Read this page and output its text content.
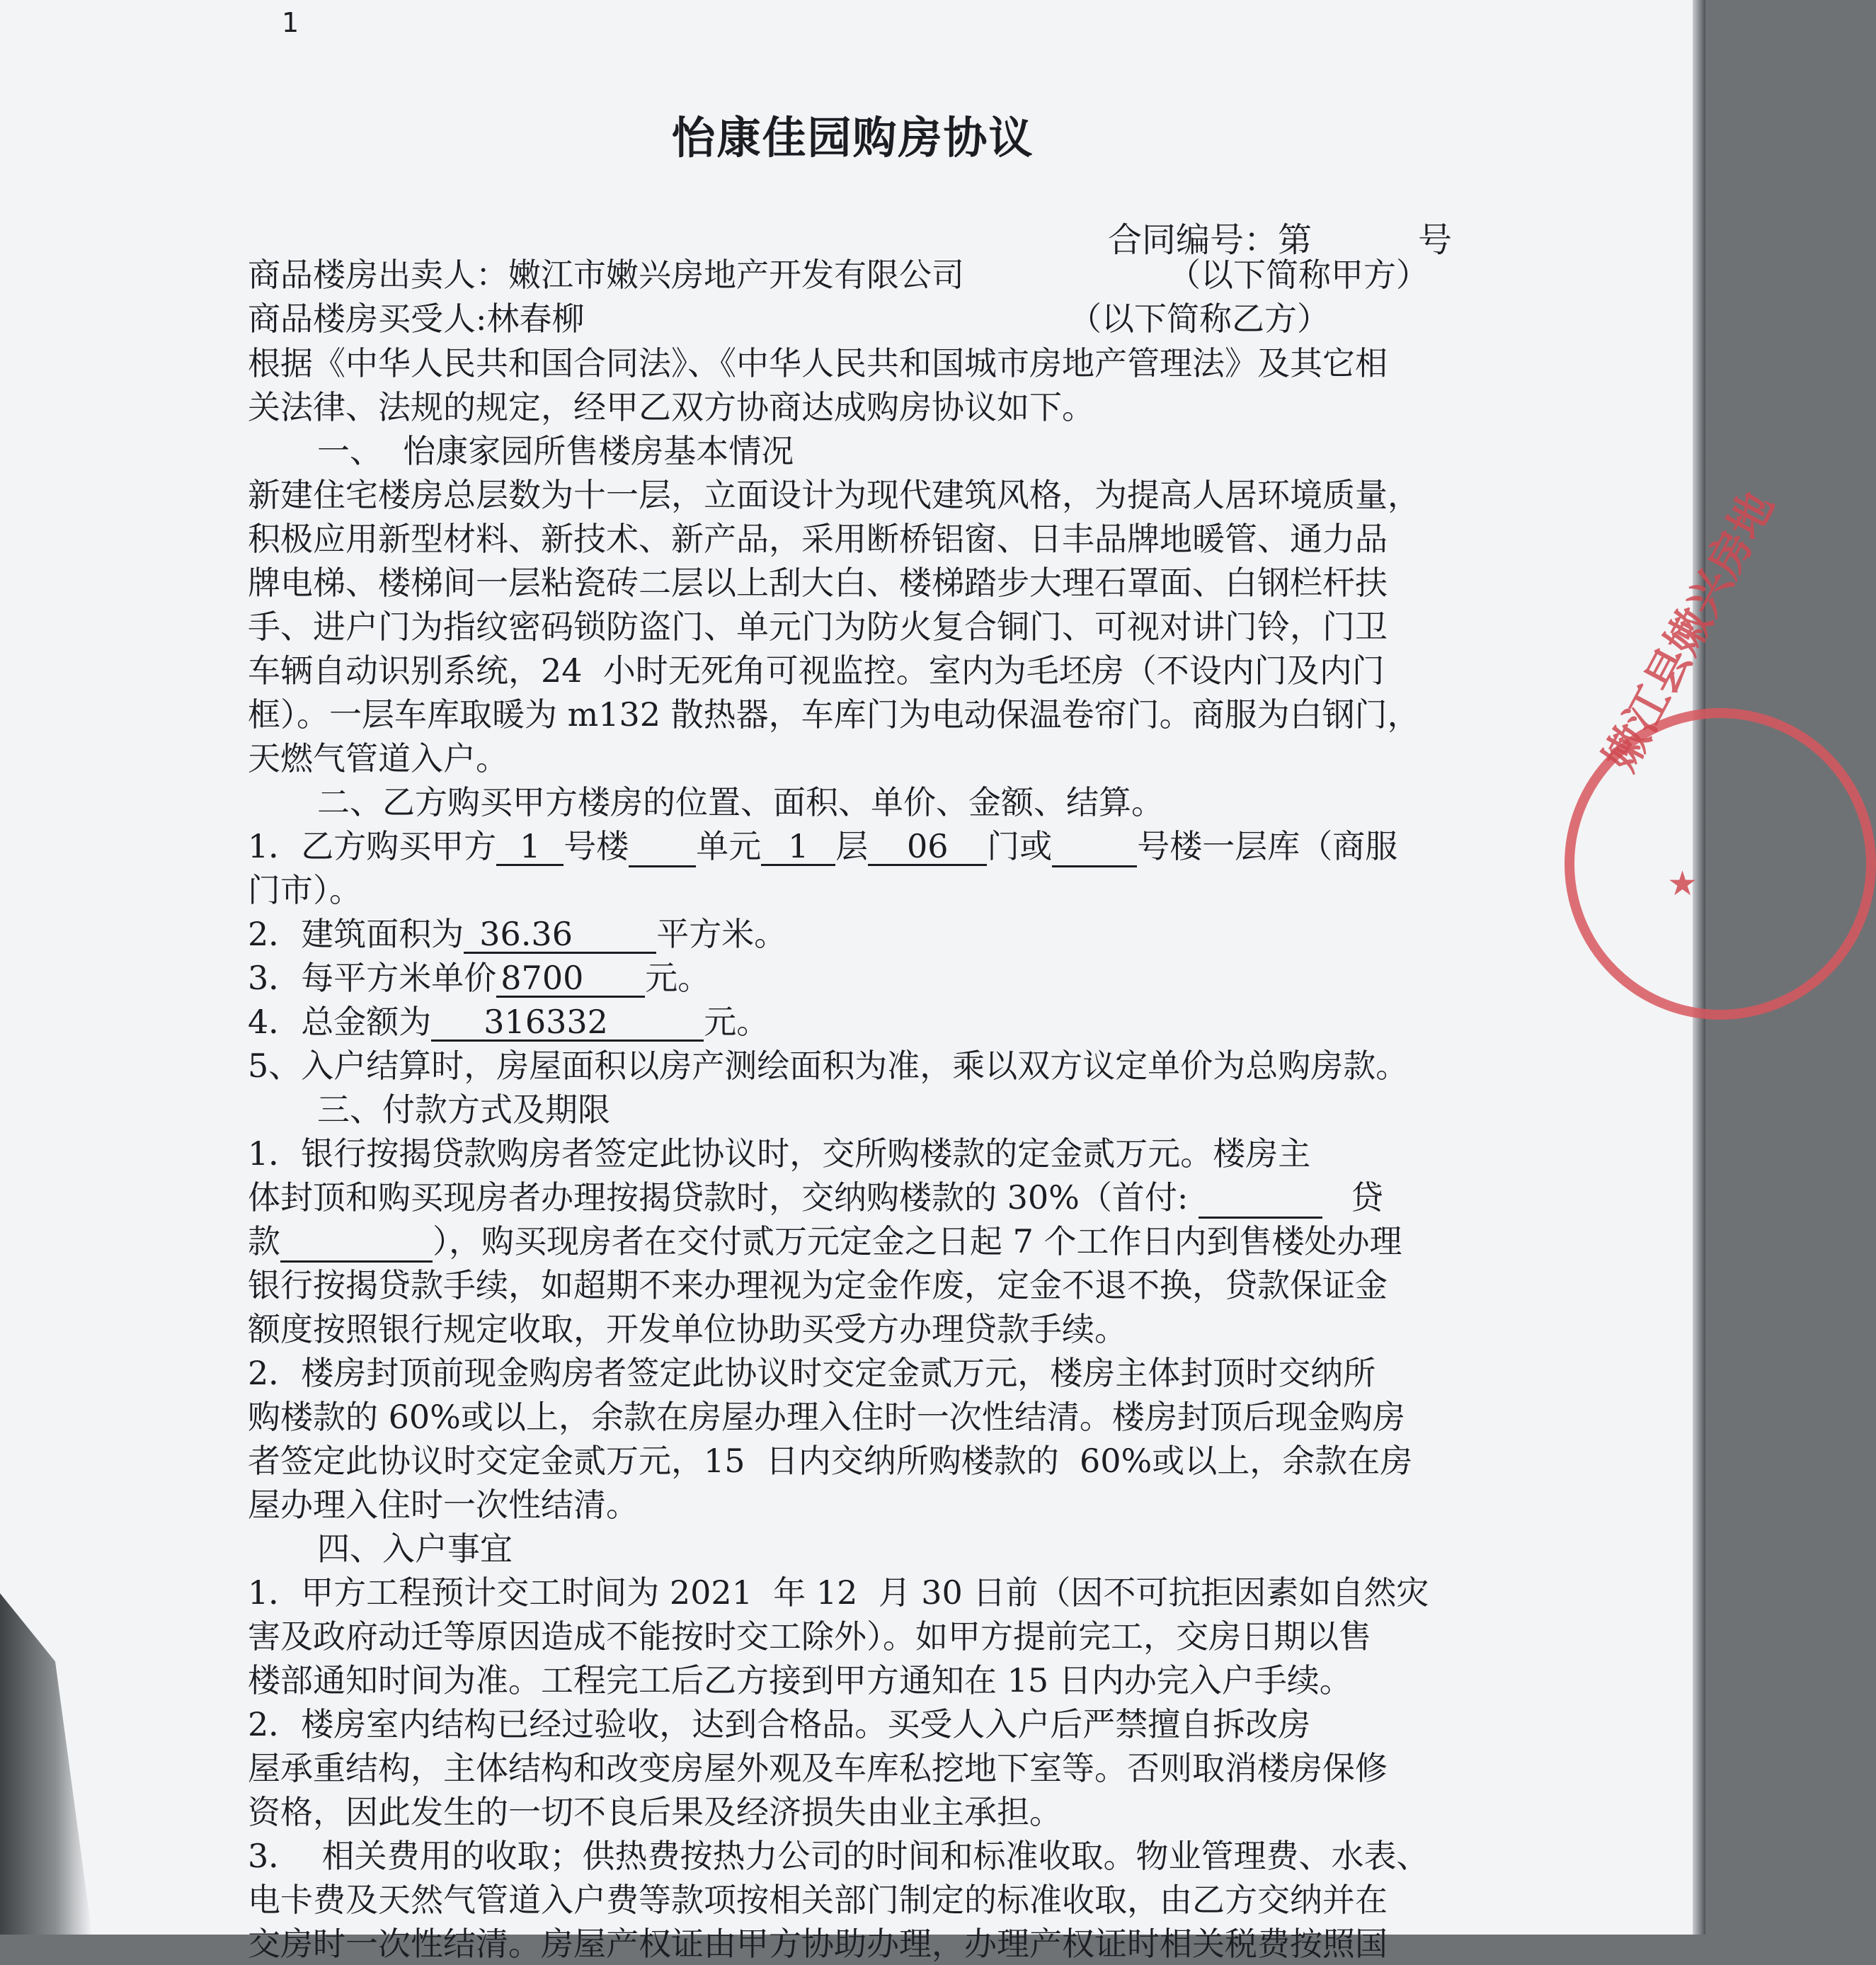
1
怡康佳园购房协议
合同编号：第	号
商品楼房出卖人：嫩江市嫩兴房地产开发有限公司	（以下简称甲方）
商品楼房买受人:林春柳	（以下简称乙方）
根据《中华人民共和国合同法》、《中华人民共和国城市房地产管理法》及其它相
关法律、法规的规定，经甲乙双方协商达成购房协议如下。
一、  怡康家园所售楼房基本情况
新建住宅楼房总层数为十一层，立面设计为现代建筑风格，为提高人居环境质量，
积极应用新型材料、新技术、新产品，采用断桥铝窗、日丰品牌地暖管、通力品
牌电梯、楼梯间一层粘瓷砖二层以上刮大白、楼梯踏步大理石罩面、白钢栏杆扶
手、进户门为指纹密码锁防盗门、单元门为防火复合铜门、可视对讲门铃，门卫
车辆自动识别系统，24  小时无死角可视监控。室内为毛坯房（不设内门及内门
框）。一层车库取暖为 m132 散热器，车库门为电动保温卷帘门。商服为白钢门，
天燃气管道入户。
二、乙方购买甲方楼房的位置、面积、单价、金额、结算。
1．乙方购买甲方 1 号楼 单元 1 层 06 门或	号楼一层库（商服
门市）。
2．建筑面积为 36.36	平方米。
3．每平方米单价 8700 元。
4．总金额为 316332	元。
5、入户结算时，房屋面积以房产测绘面积为准，乘以双方议定单价为总购房款。
三、付款方式及期限
1．银行按揭贷款购房者签定此协议时，交所购楼款的定金贰万元。楼房主
体封顶和购买现房者办理按揭贷款时，交纳购楼款的 30%（首付:	贷
款	），购买现房者在交付贰万元定金之日起 7 个工作日内到售楼处办理
银行按揭贷款手续，如超期不来办理视为定金作废，定金不退不换，贷款保证金
额度按照银行规定收取，开发单位协助买受方办理贷款手续。
2．楼房封顶前现金购房者签定此协议时交定金贰万元，楼房主体封顶时交纳所
购楼款的 60%或以上，余款在房屋办理入住时一次性结清。楼房封顶后现金购房
者签定此协议时交定金贰万元，15  日内交纳所购楼款的  60%或以上，余款在房
屋办理入住时一次性结清。
四、入户事宜
1．甲方工程预计交工时间为 2021  年 12  月 30 日前（因不可抗拒因素如自然灾
害及政府动迁等原因造成不能按时交工除外）。如甲方提前完工，交房日期以售
楼部通知时间为准。工程完工后乙方接到甲方通知在 15 日内办完入户手续。
2．楼房室内结构已经过验收，达到合格品。买受人入户后严禁擅自拆改房
屋承重结构，主体结构和改变房屋外观及车库私挖地下室等。否则取消楼房保修
资格，因此发生的一切不良后果及经济损失由业主承担。
3．  相关费用的收取；供热费按热力公司的时间和标准收取。物业管理费、水表、
电卡费及天然气管道入户费等款项按相关部门制定的标准收取，由乙方交纳并在
交房时一次性结清。房屋产权证由甲方协助办理，办理产权证时相关税费按照国
嫩江县嫩兴房地
★
